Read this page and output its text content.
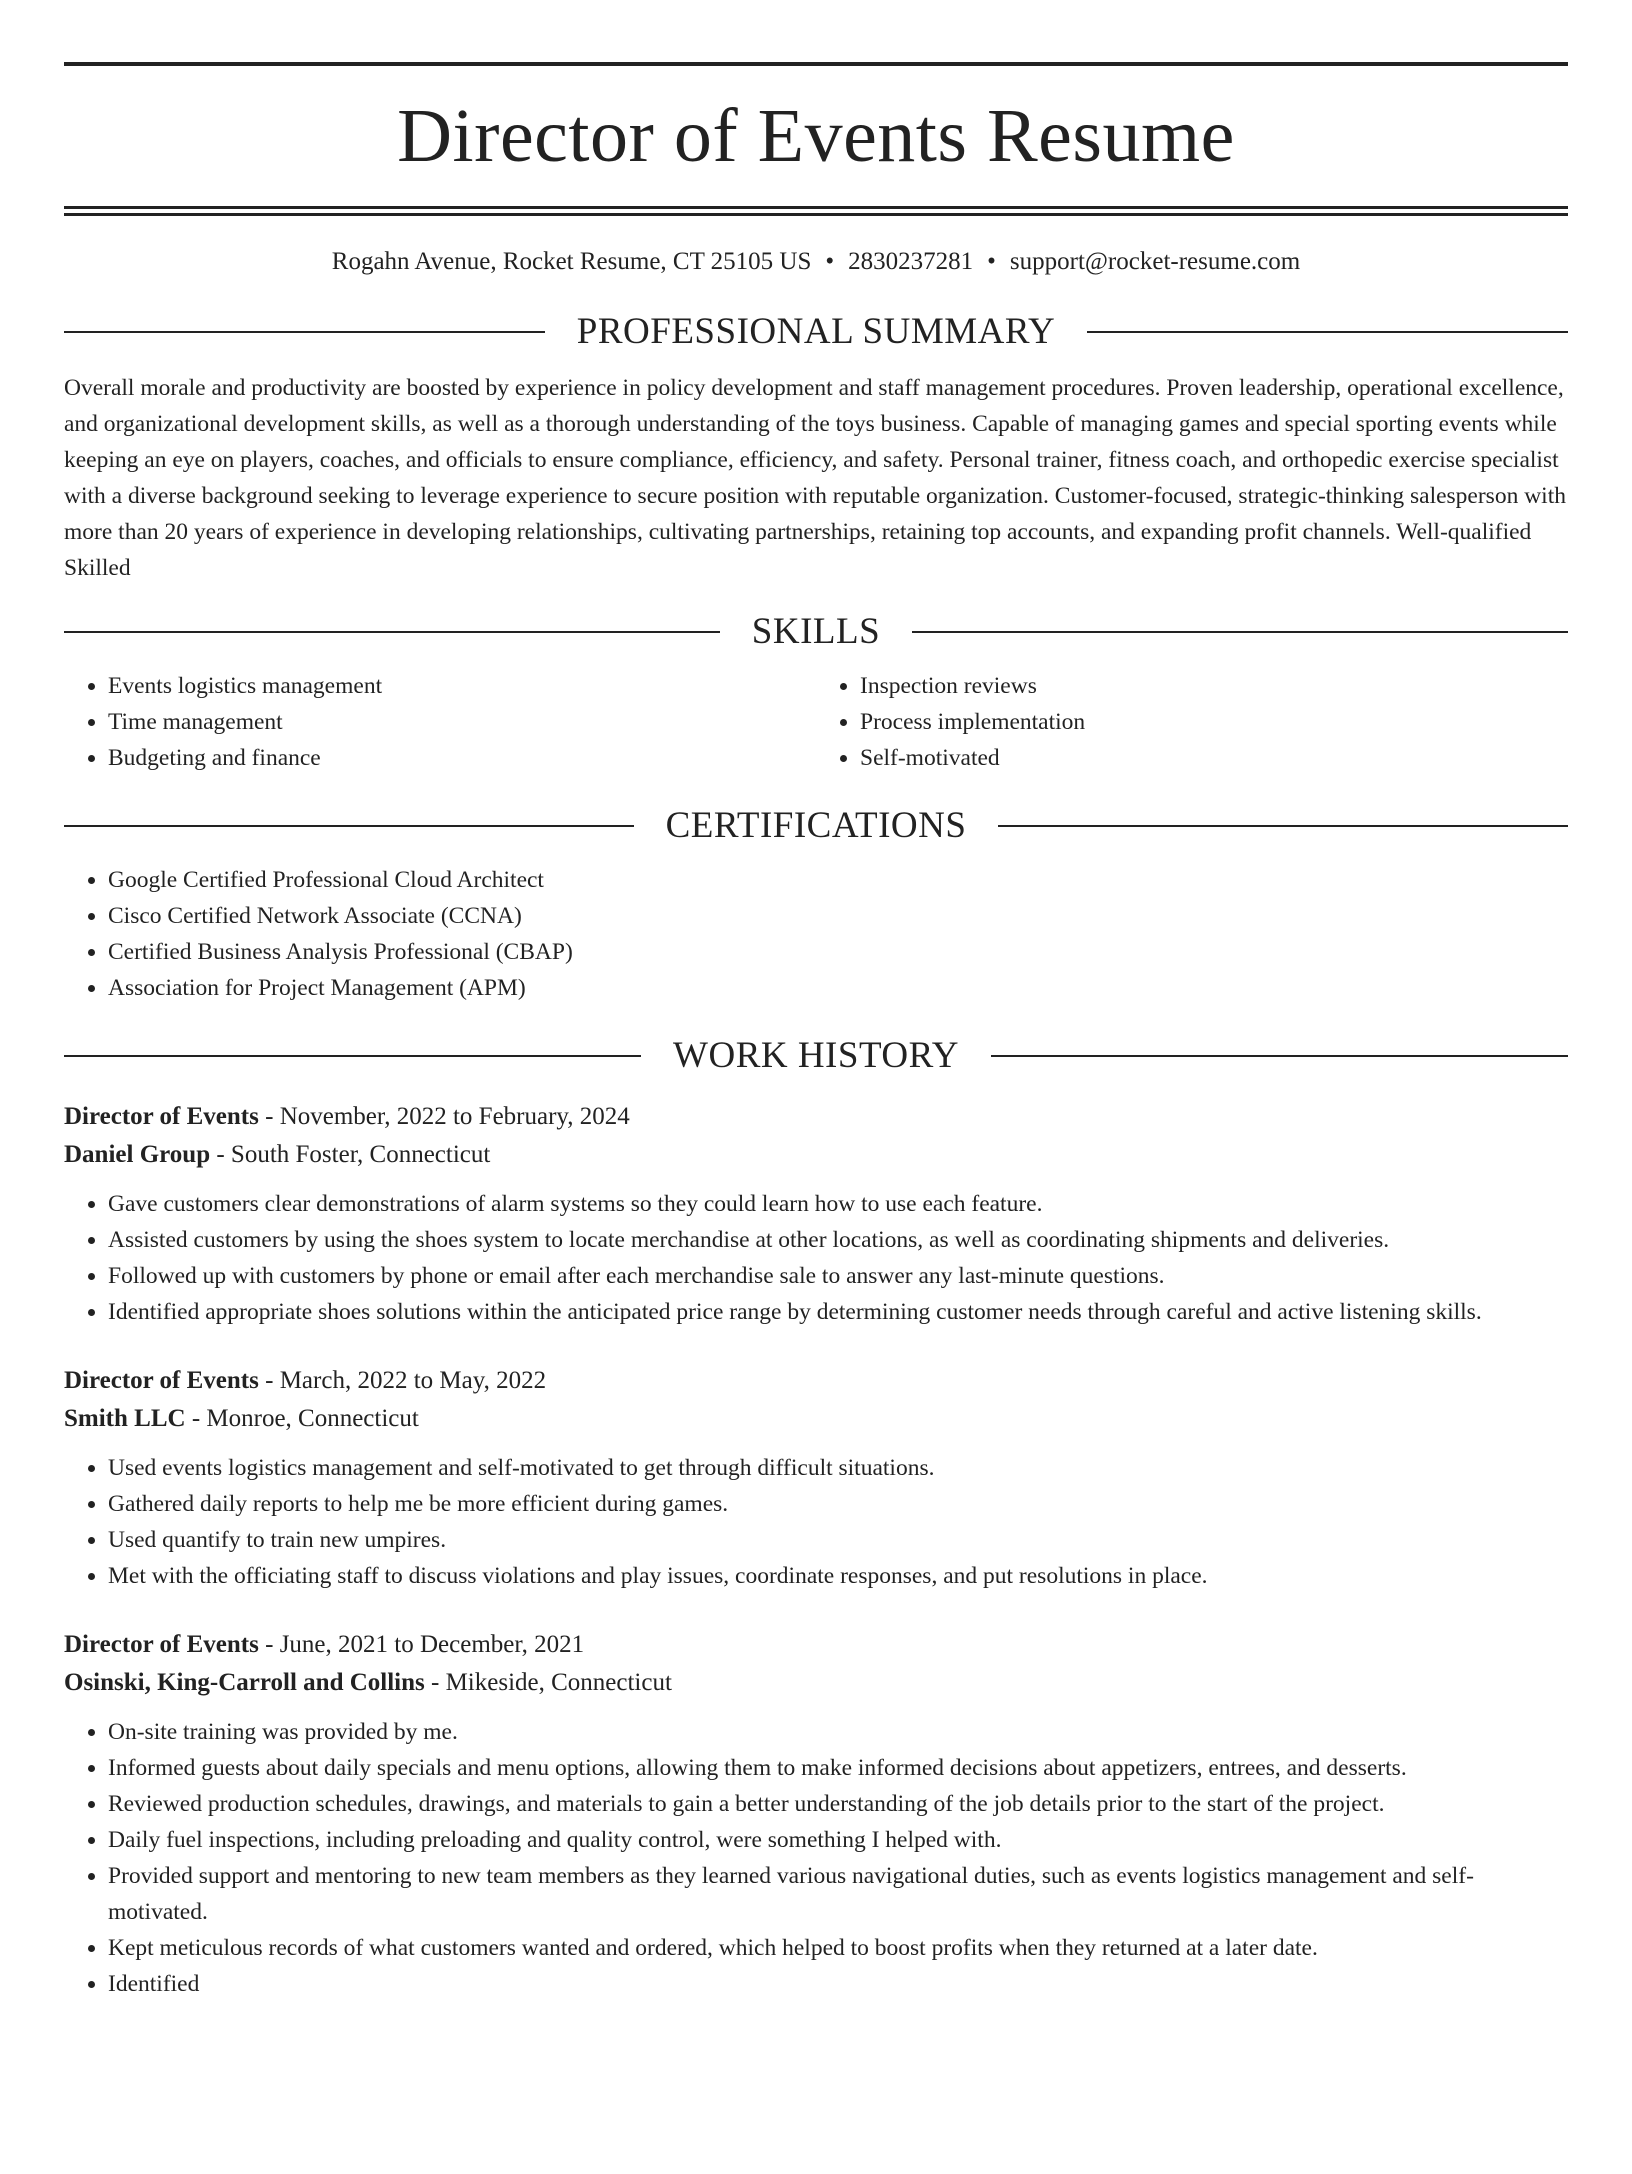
Director of Events Resume
Rogahn Avenue, Rocket Resume, CT 25105 US • 2830237281 • support@rocket-resume.com
PROFESSIONAL SUMMARY

Overall morale and productivity are boosted by experience in policy development and staff management procedures. Proven leadership, operational excellence, and organizational development skills, as well as a thorough understanding of the toys business. Capable of managing games and special sporting events while keeping an eye on players, coaches, and officials to ensure compliance, efficiency, and safety. Personal trainer, fitness coach, and orthopedic exercise specialist with a diverse background seeking to leverage experience to secure position with reputable organization. Customer-focused, strategic-thinking salesperson with more than 20 years of experience in developing relationships, cultivating partnerships, retaining top accounts, and expanding profit channels. Well-qualified Skilled

SKILLS
• Events logistics management
• Time management
• Budgeting and finance
• Inspection reviews
• Process implementation
• Self-motivated
CERTIFICATIONS
• Google Certified Professional Cloud Architect
• Cisco Certified Network Associate (CCNA)
• Certified Business Analysis Professional (CBAP)
• Association for Project Management (APM)
WORK HISTORY
Director of Events - November, 2022 to February, 2024
Daniel Group - South Foster, Connecticut
• Gave customers clear demonstrations of alarm systems so they could learn how to use each feature.
• Assisted customers by using the shoes system to locate merchandise at other locations, as well as coordinating shipments and deliveries.
• Followed up with customers by phone or email after each merchandise sale to answer any last-minute questions.
• Identified appropriate shoes solutions within the anticipated price range by determining customer needs through careful and active listening skills.
Director of Events - March, 2022 to May, 2022
Smith LLC - Monroe, Connecticut
• Used events logistics management and self-motivated to get through difficult situations.
• Gathered daily reports to help me be more efficient during games.
• Used quantify to train new umpires.
• Met with the officiating staff to discuss violations and play issues, coordinate responses, and put resolutions in place.
Director of Events - June, 2021 to December, 2021
Osinski, King-Carroll and Collins - Mikeside, Connecticut
• On-site training was provided by me.
• Informed guests about daily specials and menu options, allowing them to make informed decisions about appetizers, entrees, and desserts.
• Reviewed production schedules, drawings, and materials to gain a better understanding of the job details prior to the start of the project.
• Daily fuel inspections, including preloading and quality control, were something I helped with.
• Provided support and mentoring to new team members as they learned various navigational duties, such as events logistics management and self-motivated.
• Kept meticulous records of what customers wanted and ordered, which helped to boost profits when they returned at a later date.
• Identified
